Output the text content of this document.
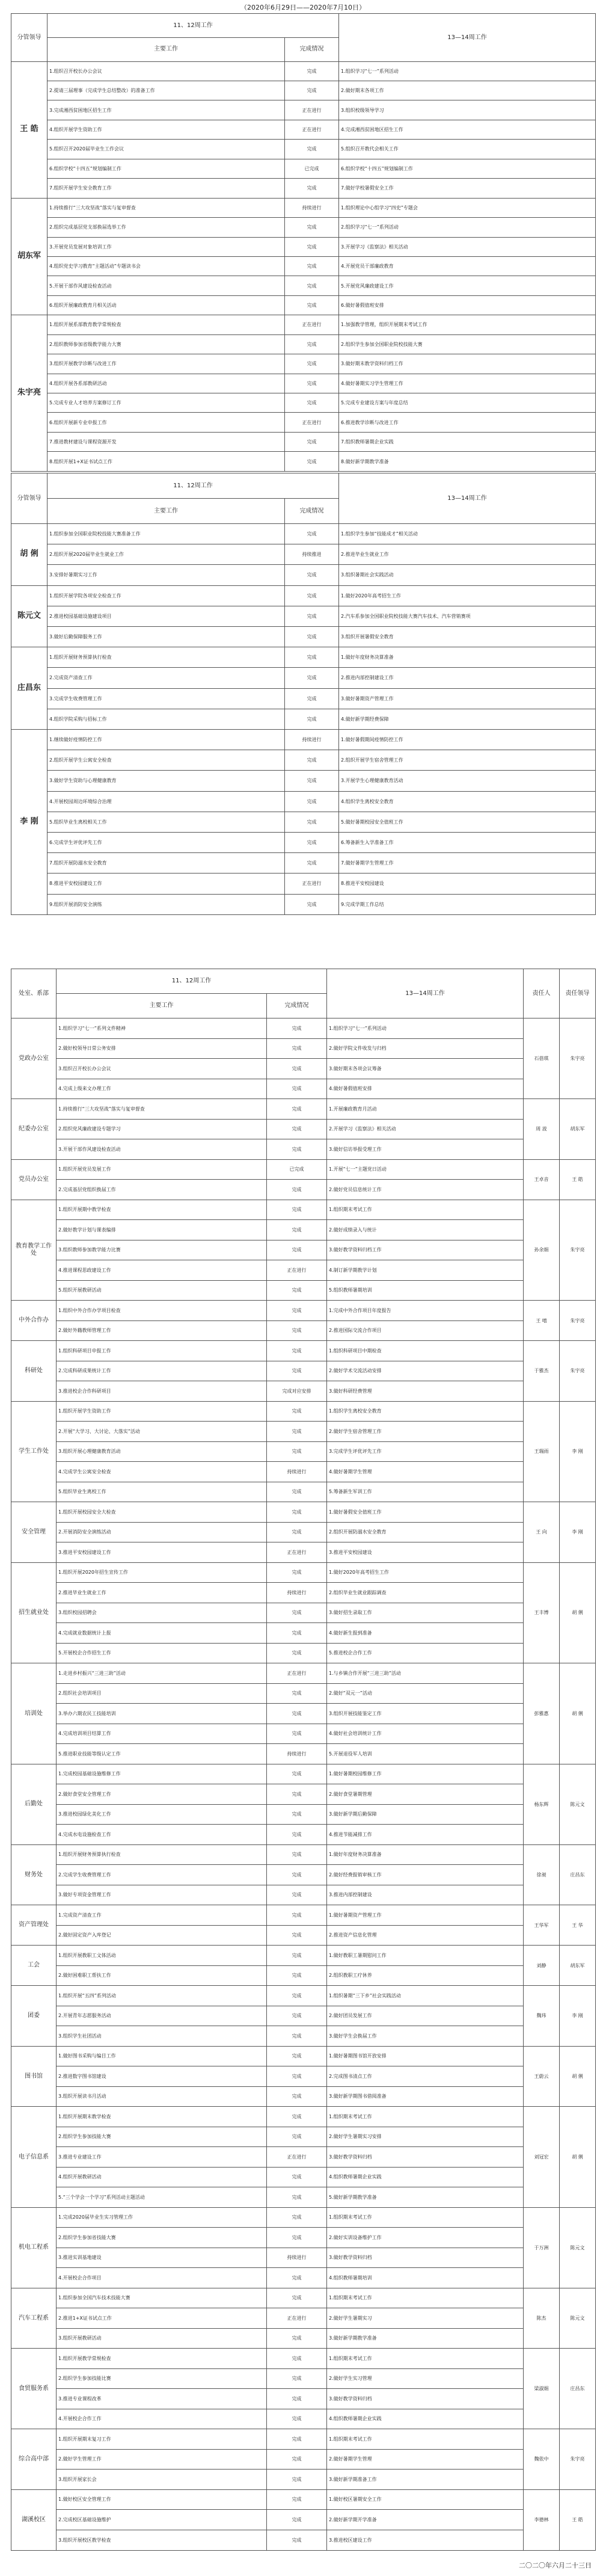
（2020年6月29日——2020年7月10日）
分管领导	11、12周工作		13—14周工作
	主要工作	完成情况	
王 皓	1.组织召开校长办公会议	完成	1.组织学习“七一”系列活动
	2.提请三届理事（完成学生总结整改）的准备工作	完成	2.做好期末各项工作
	3.完成湘西贫困地区招生工作	正在进行	3.组织校级领导学习
	4.组织开展学生资助工作	正在进行	4.完成湘西贫困地区招生工作
	5.组织召开2020届毕业生工作会议	完成	5.组织召开教代会相关工作
	6.组织学校“十四五”规划编制工作	已完成	6.组织学校“十四五”规划编制工作
	7.组织开展学生安全教育工作	完成	7.做好学校暑假安全工作
胡东军	1.持续推行“三大攻坚战”落实与复审督查	持续进行	1.组织理论中心组学习“四史”专题会
	2.组织完成基层党支部换届选举工作	完成	2.组织学习“七一”系列活动
	3.开展党员发展对象培训工作	完成	3.开展学习《监察法》相关活动
	4.组织党史学习教育“主题活动”专题读书会	完成	4.开展党员干部廉政教育
	5.开展干部作风建设检查活动	完成	5.开展党风廉政建设工作
	6.组织开展廉政教育月相关活动	完成	6.做好暑假值班安排
朱宇亮	1.组织开展系部教育教学常规检查	正在进行	1.加强教学管理，组织开展期末考试工作
	2.组织教师参加省级教学能力大赛	完成	2.组织学生参加全国职业院校技能大赛
	3.组织开展教学诊断与改进工作	完成	3.做好期末教学资料归档工作
	4.组织开展各系部教研活动	完成	4.做好暑期实习学生管理工作
	5.完成专业人才培养方案修订工作	完成	5.完成专业建设方案与年度总结
	6.组织开展新专业申报工作	正在进行	6.推进教学诊断与改进工作
	7.推进教材建设与课程资源开发	完成	7.组织教师暑期企业实践
	8.组织开展1+X证书试点工作	完成	8.做好新学期教学准备
分管领导	11、12周工作		13—14周工作
	主要工作	完成情况	
胡 俐	1.组织参加全国职业院校技能大赛准备工作	完成	1.组织学生参加“技能成才”相关活动
	2.组织开展2020届毕业生就业工作	持续推进	2.推进毕业生就业工作
	3.安排好暑期实习工作	完成	3.组织暑期社会实践活动
陈元文	1.组织开展学院各项安全检查工作	完成	1.做好2020年高考招生工作
	2.推进校园基础设施建设项目	完成	2.汽车系参加全国职业院校技能大赛汽车技术、汽车营销赛项
	3.做好后勤保障服务工作	完成	3.组织开展暑假安全教育
庄昌东	1.组织开展财务预算执行检查	完成	1.做好年度财务决算准备
	2.完成资产清查工作	完成	2.推进内部控制建设工作
	3.完成学生收费管理工作	完成	3.做好暑期资产管理工作
	4.组织学院采购与招标工作	完成	4.做好新学期经费保障
李 刚	1.继续做好疫情防控工作	持续进行	1.做好暑假期间疫情防控工作
	2.组织开展学生公寓安全检查	完成	2.组织开展学生宿舍管理工作
	3.做好学生资助与心理健康教育	完成	3.开展学生心理健康教育活动
	4.开展校园周边环境综合治理	完成	4.组织学生离校安全教育
	5.组织毕业生离校相关工作	完成	5.做好暑期校园安全值班工作
	6.完成学生评优评先工作	完成	6.筹备新生入学准备工作
	7.组织开展防溺水安全教育	完成	7.做好暑期学生管理工作
	8.推进平安校园建设工作	正在进行	8.推进平安校园建设
	9.组织开展消防安全演练	完成	9.完成学期工作总结
处室、系部	11、12周工作		13—14周工作	责任人	责任领导
	主要工作	完成情况			
党政办公室	1.组织学习“七一”系列文件精神	完成	1.组织学习“七一”系列活动	石蓓琪	朱宇亮
	2.做好校领导日常公务安排	完成	2.做好学院文件收发与归档		
	3.组织召开校长办公会议	完成	3.做好期末各项会议筹备		
	4.完成上级来文办理工作	完成	4.做好暑假值班安排		
纪委办公室	1.持续推行“三大攻坚战”落实与复审督查	完成	1.开展廉政教育月活动	周 波	胡东军
	2.组织党风廉政建设专题学习	完成	2.开展学习《监察法》相关活动		
	3.开展干部作风建设检查活动	完成	3.做好信访举报受理工作		
党员办公室	1.组织开展党员发展工作	已完成	1.开展“七一”主题党日活动	王卓音	王 皓
	2.完成基层党组织换届工作	完成	2.做好党员信息统计工作		
教育教学工作处	1.组织开展期中教学检查	完成	1.组织期末考试工作	孙余娟	朱宇亮
	2.做好教学计划与课表编排	完成	2.做好成绩录入与统计		
	3.组织教师参加教学能力比赛	完成	3.做好教学资料归档工作		
	4.推进课程思政建设工作	正在进行	4.制订新学期教学计划		
	5.组织开展教研活动	完成	5.组织教师暑期培训		
中外合作办	1.组织中外合作办学项目检查	完成	1.完成中外合作项目年度报告	王 嘻	朱宇亮
	2.做好外籍教师管理工作	完成	2.推进国际交流合作项目		
科研处	1.组织科研项目申报工作	完成	1.组织科研项目中期检查	于雅杰	朱宇亮
	2.完成科研成果统计工作	完成	2.做好学术交流活动安排		
	3.推进校企合作科研项目	完成对应安排	3.做好科研经费管理		
学生工作处	1.组织开展学生资助工作	完成	1.组织学生离校安全教育	王瑞雨	李 刚
	2.开展“大学习、大讨论、大落实”活动	完成	2.做好学生宿舍管理工作		
	3.组织开展心理健康教育活动	完成	3.完成学生评优评先工作		
	4.完成学生公寓安全检查	持续进行	4.做好暑期学生管理		
	5.组织毕业生离校工作	完成	5.筹备新生军训工作		
安全管理	1.组织开展校园安全大检查	完成	1.做好暑假安全值班工作	王 向	李 刚
	2.开展消防安全演练活动	完成	2.组织开展防溺水安全教育		
	3.推进平安校园建设工作	正在进行	3.推进平安校园建设		
招生就业处	1.组织开展2020年招生宣传工作	完成	1.做好2020年高考招生工作	王丰博	胡 俐
	2.推进毕业生就业工作	持续进行	2.组织毕业生就业跟踪调查		
	3.组织校园招聘会	完成	3.做好招生录取工作		
	4.完成就业数据统计上报	完成	4.做好新生报到准备		
	5.开展校企合作招生工作	完成	5.推进校企合作工作		
培训处	1.走进乡村振兴“三进三助”活动	正在进行	1.与乡镇合作开展“三进三助”活动	彭雅惠	胡 俐
	2.组织社会培训项目	完成	2.做好“双元一”活动		
	3.举办六期农民工技能培训	完成	3.组织开展技能鉴定工作		
	4.完成培训项目结算工作	完成	4.做好社会培训统计工作		
	5.推进职业技能等级认定工作	持续进行	5.开展退役军人培训		
后勤处	1.完成校园基础设施维修工作	完成	1.做好暑期校园维修工作	杨东辉	陈元文
	2.做好食堂安全管理工作	完成	2.做好食堂暑期管理		
	3.推进校园绿化美化工作	完成	3.做好新学期后勤保障		
	4.完成水电设施检查工作	完成	4.推进节能减排工作		
财务处	1.组织开展财务预算执行检查	完成	1.做好年度财务决算准备	徐昶	庄昌东
	2.完成学生收费管理工作	完成	2.做好经费报销审核工作		
	3.做好专项资金管理工作	完成	3.推进内部控制建设		
资产管理处	1.完成资产清查工作	完成	1.做好暑期资产管理工作	王华军	王 华
	2.做好固定资产入库登记	完成	2.推进资产信息化管理		
工会	1.组织开展教职工文体活动	完成	1.做好教职工暑期慰问工作	刘静	胡东军
	2.做好困难职工帮扶工作	完成	2.组织教职工疗休养		
团委	1.组织开展“五四”系列活动	完成	1.组织暑期“三下乡”社会实践活动	魏玮	李 刚
	2.开展青年志愿服务活动	完成	2.做好团员发展工作		
	3.组织学生社团活动	完成	3.做好学生会换届工作		
图书馆	1.做好图书采购与编目工作	完成	1.做好暑期图书馆开放安排	王蔚云	胡 俐
	2.推进数字图书馆建设	完成	2.完成图书清点工作		
	3.组织开展读书月活动	完成	3.做好新学期图书借阅准备		
电子信息系	1.组织开展期末教学检查	完成	1.组织期末考试工作	刘冠宏	胡 俐
	2.组织学生参加技能大赛	完成	2.做好学生暑期实习安排		
	3.推进专业建设工作	正在进行	3.做好教学资料归档		
	4.组织开展教研活动	完成	4.组织教师暑期企业实践		
	5.“三个学会一个学习”系列活动主题活动	完成	5.做好新学期教学准备		
机电工程系	1.完成2020届毕业生实习管理工作	完成	1.组织期末考试工作	于万洲	陈元文
	2.组织学生参加省技能大赛	完成	2.做好实训设备维护工作		
	3.推进实训基地建设	持续进行	3.做好教学资料归档		
	4.开展校企合作项目	完成	4.组织教师暑期培训		
汽车工程系	1.组织参加全国汽车技术技能大赛	完成	1.组织期末考试工作	陈杰	陈元文
	2.推进1+X证书试点工作	正在进行	2.做好学生暑期实习		
	3.组织开展教研活动	完成	3.做好新学期教学准备		
食贸服务系	1.组织开展教学常规检查	完成	1.组织期末考试工作	梁淑娟	庄昌东
	2.组织学生参加技能比赛	完成	2.做好学生实习管理		
	3.推进专业课程改革	完成	3.做好教学资料归档		
	4.开展校企合作工作	完成	4.组织教师暑期企业实践		
综合高中部	1.组织开展期末复习工作	完成	1.组织期末考试工作	魏依中	朱宇亮
	2.做好学生管理工作	完成	2.做好暑期学生管理		
	3.组织开展家长会	完成	3.做好新学期准备工作		
湖溪校区	1.做好校区安全管理工作	完成	1.做好校区暑期安全工作	李德林	王 皓
	2.完成校区基础设施维护	完成	2.做好新学期开学准备		
	3.组织开展校区教学检查	完成	3.推进校区建设工作		
二〇二〇年六月二十三日
